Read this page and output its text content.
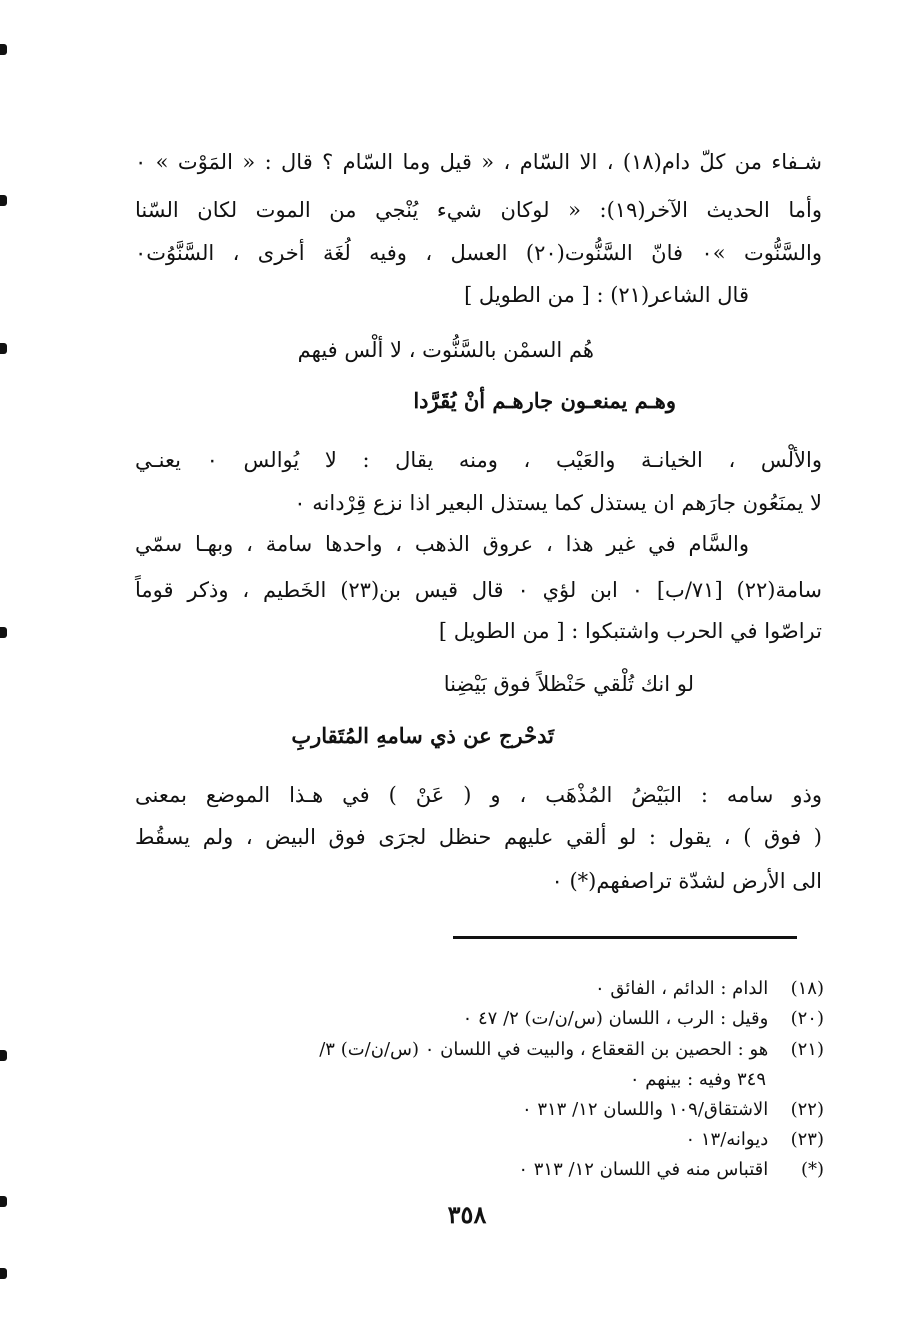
شـفاء من كلّ دام(١٨) ، الا السّام ، « قيل وما السّام ؟ قال : « المَوْت » ٠
وأما الحديث الآخر(١٩): « لوكان شيء يُنْجي من الموت لكان السّنا
والسَّنُّوت »٠ فانّ السَّنُّوت(٢٠) العسل ، وفيه لُغَة أخرى ، السَّنَّوُت٠
قال الشاعر(٢١) : [ من الطويل ]
هُم السمْن بالسَّنُّوت ، لا ألْس فيهم
وهـم يمنعـون جارهـم أنْ يُقَرَّدا
والألْس ، الخيانـة والعَيْب ، ومنه يقال : لا يُوالس ٠ يعنـي
لا يمنَعُون جارَهم ان يستذل كما يستذل البعير اذا نزع قِرْدانه ٠
والسَّام في غير هذا ، عروق الذهب ، واحدها سامة ، وبهـا سمّي
سامة(٢٢) [٧١/ب] ٠ ابن لؤي ٠ قال قيس بن(٢٣) الخَطيم ، وذكر قوماً
تراصّوا في الحرب واشتبكوا : [ من الطويل ]
لو انك تُلْقي حَنْظلاً فوق بَيْضِنا
تَدحْرج عن ذي سامهِ المُتَقاربِ
وذو سامه : البَيْضُ المُذْهَب ، و ( عَنْ ) في هـذا الموضع بمعنى
( فوق ) ، يقول : لو ألقي عليهم حنظل لجرَى فوق البيض ، ولم يسقُط
الى الأرض لشدّة تراصفهم(*) ٠
(١٨) الدام : الدائم ، الفائق ٠
(٢٠) وقيل : الرب ، اللسان (س/ن/ت) ٢/ ٤٧ ٠
(٢١) هو : الحصين بن القعقاع ، والبيت في اللسان ٠ (س/ن/ت) ٣/
٣٤٩ وفيه : بينهم ٠
(٢٢) الاشتقاق/١٠٩ واللسان ١٢/ ٣١٣ ٠
(٢٣) ديوانه/١٣ ٠
(*) اقتباس منه في اللسان ١٢/ ٣١٣ ٠
٣٥٨
